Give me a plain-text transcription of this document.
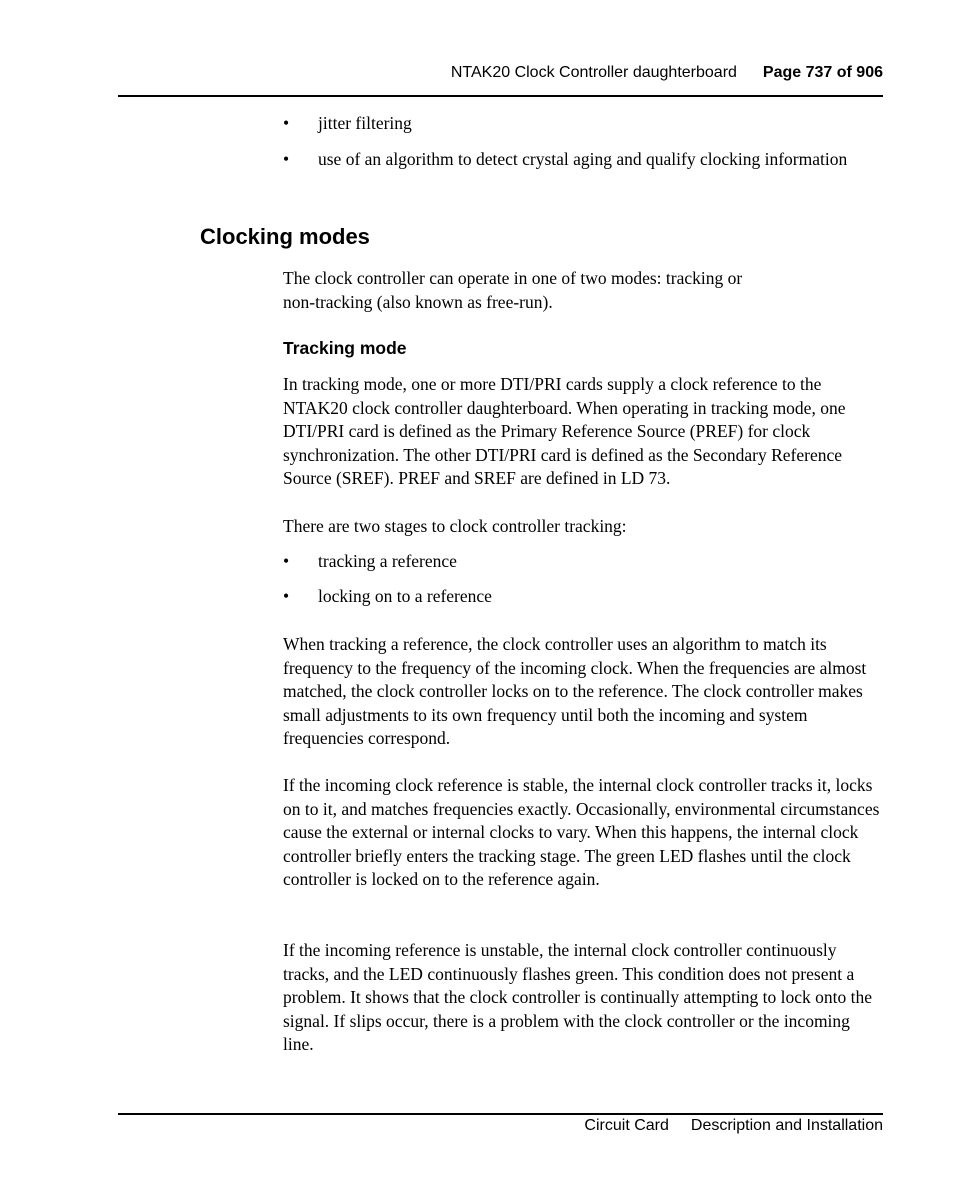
NTAK20 Clock Controller daughterboard Page 737 of 906
• jitter filtering
• use of an algorithm to detect crystal aging and qualify clocking information
Clocking modes
The clock controller can operate in one of two modes: tracking or
non-tracking (also known as free-run).
Tracking mode

In tracking mode, one or more DTI/PRI cards supply a clock reference to the NTAK20 clock controller daughterboard. When operating in tracking mode, one DTI/PRI card is defined as the Primary Reference Source (PREF) for clock synchronization. The other DTI/PRI card is defined as the Secondary Reference Source (SREF). PREF and SREF are defined in LD 73.

There are two stages to clock controller tracking:

• tracking a reference
• locking on to a reference

When tracking a reference, the clock controller uses an algorithm to match its frequency to the frequency of the incoming clock. When the frequencies are almost matched, the clock controller locks on to the reference. The clock controller makes small adjustments to its own frequency until both the incoming and system frequencies correspond.

If the incoming clock reference is stable, the internal clock controller tracks it, locks on to it, and matches frequencies exactly. Occasionally, environmental circumstances cause the external or internal clocks to vary. When this happens, the internal clock controller briefly enters the tracking stage. The green LED flashes until the clock controller is locked on to the reference again.

If the incoming reference is unstable, the internal clock controller continuously tracks, and the LED continuously flashes green. This condition does not present a problem. It shows that the clock controller is continually attempting to lock onto the signal. If slips occur, there is a problem with the clock controller or the incoming line.

Circuit Card Description and Installation
